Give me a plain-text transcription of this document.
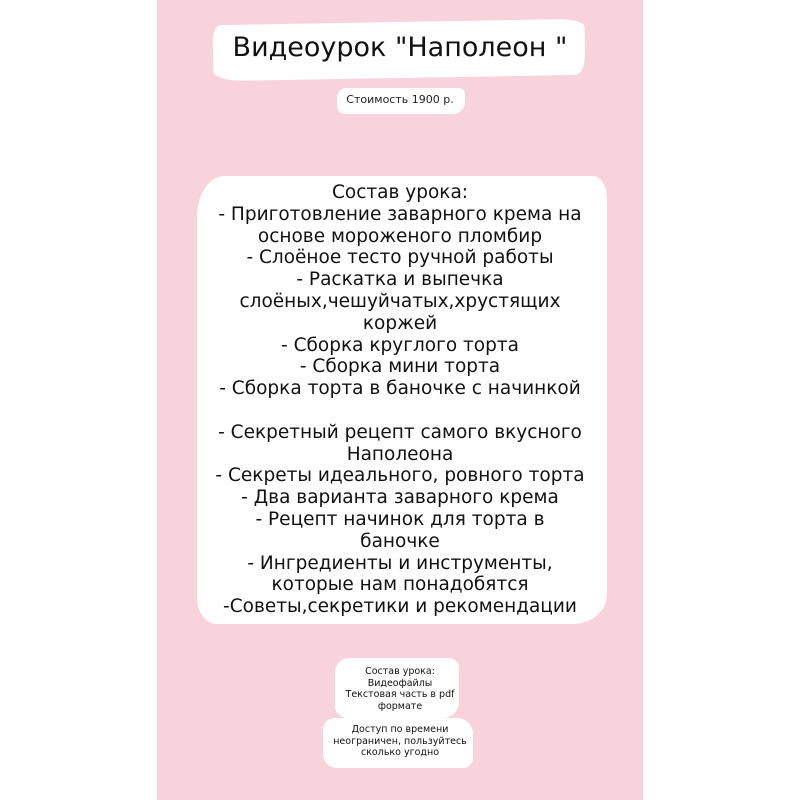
Видеоурок "Наполеон "
Стоимость 1900 р.
Состав урока:
- Приготовление заварного крема на
основе мороженого пломбир
- Слоёное тесто ручной работы
- Раскатка и выпечка
слоёных,чешуйчатых,хрустящих
коржей
- Сборка круглого торта
- Сборка мини торта
- Сборка торта в баночке с начинкой
- Секретный рецепт самого вкусного
Наполеона
- Секреты идеального, ровного торта
- Два варианта заварного крема
- Рецепт начинок для торта в
баночке
- Ингредиенты и инструменты,
которые нам понадобятся
-Советы,секретики и рекомендации
Состав урока:
Видеофайлы
Текстовая часть в pdf
формате
Доступ по времени
неограничен, пользуйтесь
сколько угодно
